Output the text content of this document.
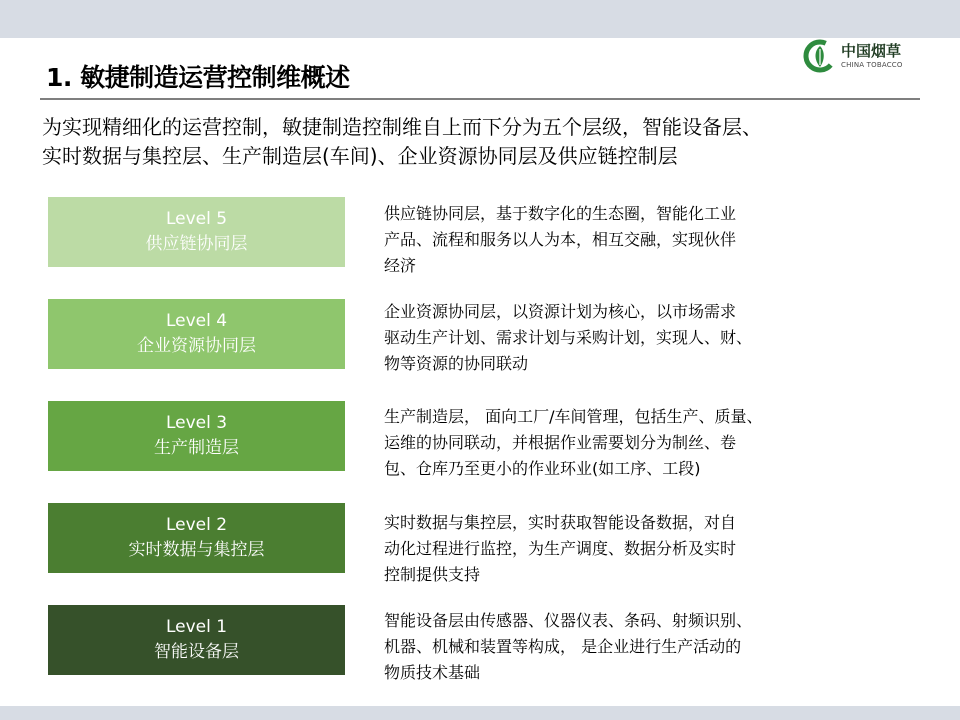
中国烟草
CHINA TOBACCO
1. 敏捷制造运营控制维概述
为实现精细化的运营控制，敏捷制造控制维自上而下分为五个层级，智能设备层、
实时数据与集控层、生产制造层(车间)、企业资源协同层及供应链控制层
Level 5
供应链协同层
供应链协同层，基于数字化的生态圈，智能化工业
产品、流程和服务以人为本，相互交融，实现伙伴
经济
Level 4
企业资源协同层
企业资源协同层，以资源计划为核心，以市场需求
驱动生产计划、需求计划与采购计划，实现人、财、
物等资源的协同联动
Level 3
生产制造层
生产制造层， 面向工厂/车间管理，包括生产、质量、
运维的协同联动，并根据作业需要划分为制丝、卷
包、仓库乃至更小的作业环业(如工序、工段)
Level 2
实时数据与集控层
实时数据与集控层，实时获取智能设备数据，对自
动化过程进行监控，为生产调度、数据分析及实时
控制提供支持
Level 1
智能设备层
智能设备层由传感器、仪器仪表、条码、射频识别、
机器、机械和装置等构成， 是企业进行生产活动的
物质技术基础
